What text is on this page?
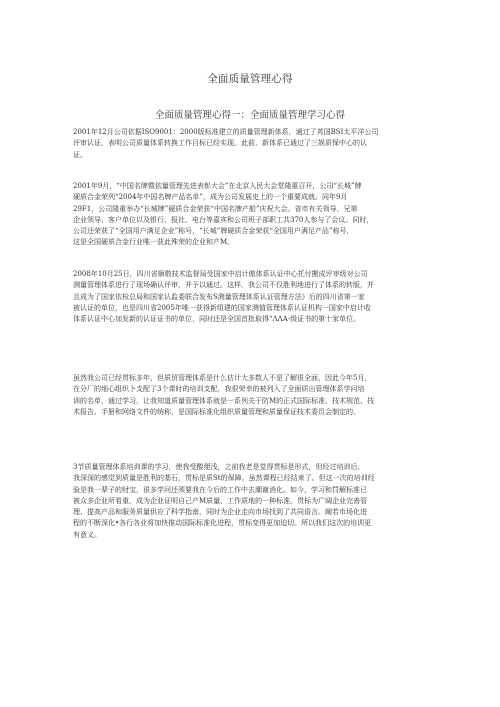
全面质量管理心得
全面质量管理心得一：全面质量管理学习心得
2001年12月公司依据ISO9001：2000版标准建立的质量管理新体系，通过了英国BSI太平洋公司
评审认证，表明公司质量体系转换工作目标已经实现。此前，新体系已通过了三娱质保中心的认
证。
2001年9月，“中国名牌暨依量管理先进表彰大会”在北京人民大会堂隆重召开，公司“长城”牌
硬质合金荣列“2004年中国名牌产品名单”，成为公司发展史上的一个重要成就。同年9月
29F1，公司隆重举办“长城牌”硬质合金荣获“中国名牌产船”庆祝大会。省市有关领导、兄第
企业领导、客户单位以及银行、报社、电台等嘉宾和公司班子部职工共370人参与了会议。同时，
公司还荣获了“全国用户满足企业”称号，“长城”牌硬质合金荣获“全国用户满足产品”称号，
这是全国硬质合金行业唯一获此殊荣的企业和产M。
2008年10月25日，四川省顺敬技术监督局受国家中启计傲体系认证中心托付搬成评审级对公司
测量管理体系进行了现场确认评审，并予以通过。这样，我公司不仅胜利地进行了体系的转版，并
且成为了国家依检总局和国家认监委联合发布S测量管理体系认证管理方法》后的四川省第一家
被认证的单位，也是四川省2005年唯一获得新组建的国家测值管理体系认证机构一国家中启计收
体系认证中心加发新的认证证书的单位，同时还是全国首批取得“ΛΛA-级证书的第十家单位。
虽然我公司已经贯标多年，但质贸管理体系是什么估计大多数人不是了解很全面，因此今年5月，
在分厂的细心组织卜支配了3个课时的培训支配，我很荣幸的被列入了全面质出管理体系学问培
训的名单，通过学习，让我知道质量管理体系就是一系列关于防M的正式国际标准、技术规范、技
术报告、手册和网络文件的统称，是国际标准化组织质量管理和质量保证技术委员会制定的。
3节质量管理体系培训课的学习，使我受酸便浅，之前我老是觉得贯标是形式，但经过培训后，
我深深的感觉到质量是胜利的基石，贯标是质St的保障。虽然课程已经结束了。但这一次的培训经
验是我一辈子的财宝，很多学问还须要我在今后的工作中去潮谢消化。如今，学习和罚解标准已
被众多企业所看重，成为企业证明自己产M质量、工作质地的一种标准。贯标为广阔企业完善管
理、提高产品和服务质量供应了科学指南，同时为企业走向市场找到了共同语言。阚若市场化进
程的不断深化•各行各业将加快推动国际标准化进程，贯标变得更加迫切。所以我们这次的培训更
有意义。
